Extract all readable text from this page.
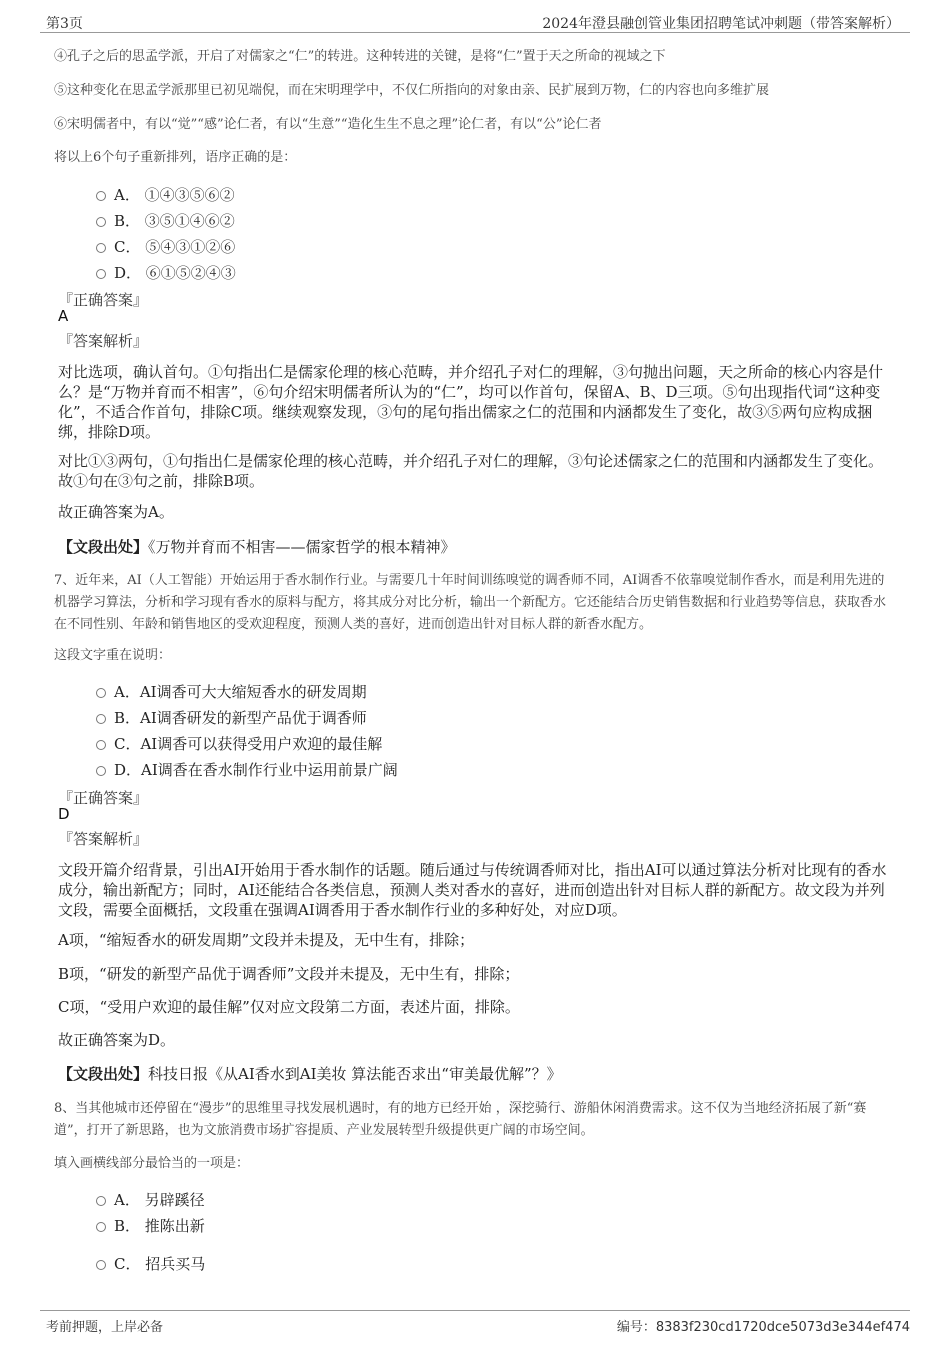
第3页	2024年澄县融创管业集团招聘笔试冲刺题（带答案解析）
④孔子之后的思孟学派，开启了对儒家之“仁”的转进。这种转进的关键，是将“仁”置于天之所命的视域之下
⑤这种变化在思孟学派那里已初见端倪，而在宋明理学中，不仅仁所指向的对象由亲、民扩展到万物，仁的内容也向多维扩展
⑥宋明儒者中，有以“觉”“感”论仁者，有以“生意”“造化生生不息之理”论仁者，有以“公”论仁者
将以上6个句子重新排列，语序正确的是：
A． ①④③⑤⑥②
B． ③⑤①④⑥②
C． ⑤④③①②⑥
D． ⑥①⑤②④③
『正确答案』
A
『答案解析』
对比选项，确认首句。①句指出仁是儒家伦理的核心范畴，并介绍孔子对仁的理解，③句抛出问题，天之所命的核心内容是什么？是“万物并育而不相害”，⑥句介绍宋明儒者所认为的“仁”，均可以作首句，保留A、B、D三项。⑤句出现指代词“这种变化”，不适合作首句，排除C项。继续观察发现，③句的尾句指出儒家之仁的范围和内涵都发生了变化，故③⑤两句应构成捆绑，排除D项。
对比①③两句，①句指出仁是儒家伦理的核心范畴，并介绍孔子对仁的理解，③句论述儒家之仁的范围和内涵都发生了变化。故①句在③句之前，排除B项。
故正确答案为A。
【文段出处】《万物并育而不相害——儒家哲学的根本精神》
7、近年来，AI（人工智能）开始运用于香水制作行业。与需要几十年时间训练嗅觉的调香师不同，AI调香不依靠嗅觉制作香水，而是利用先进的机器学习算法，分析和学习现有香水的原料与配方，将其成分对比分析，输出一个新配方。它还能结合历史销售数据和行业趋势等信息，获取香水在不同性别、年龄和销售地区的受欢迎程度，预测人类的喜好，进而创造出针对目标人群的新香水配方。
这段文字重在说明：
A．AI调香可大大缩短香水的研发周期
B．AI调香研发的新型产品优于调香师
C．AI调香可以获得受用户欢迎的最佳解
D．AI调香在香水制作行业中运用前景广阔
『正确答案』
D
『答案解析』
文段开篇介绍背景，引出AI开始用于香水制作的话题。随后通过与传统调香师对比，指出AI可以通过算法分析对比现有的香水成分，输出新配方；同时，AI还能结合各类信息，预测人类对香水的喜好，进而创造出针对目标人群的新配方。故文段为并列文段，需要全面概括，文段重在强调AI调香用于香水制作行业的多种好处，对应D项。
A项，“缩短香水的研发周期”文段并未提及，无中生有，排除；
B项，“研发的新型产品优于调香师”文段并未提及，无中生有，排除；
C项，“受用户欢迎的最佳解”仅对应文段第二方面，表述片面，排除。
故正确答案为D。
【文段出处】科技日报《从AI香水到AI美妆 算法能否求出“审美最优解”？》
8、当其他城市还停留在“漫步”的思维里寻找发展机遇时，有的地方已经开始 ，深挖骑行、游船休闲消费需求。这不仅为当地经济拓展了新“赛道”，打开了新思路，也为文旅消费市场扩容提质、产业发展转型升级提供更广阔的市场空间。
填入画横线部分最恰当的一项是：
A． 另辟蹊径
B． 推陈出新
C． 招兵买马
考前押题，上岸必备	编号：8383f230cd1720dce5073d3e344ef474
